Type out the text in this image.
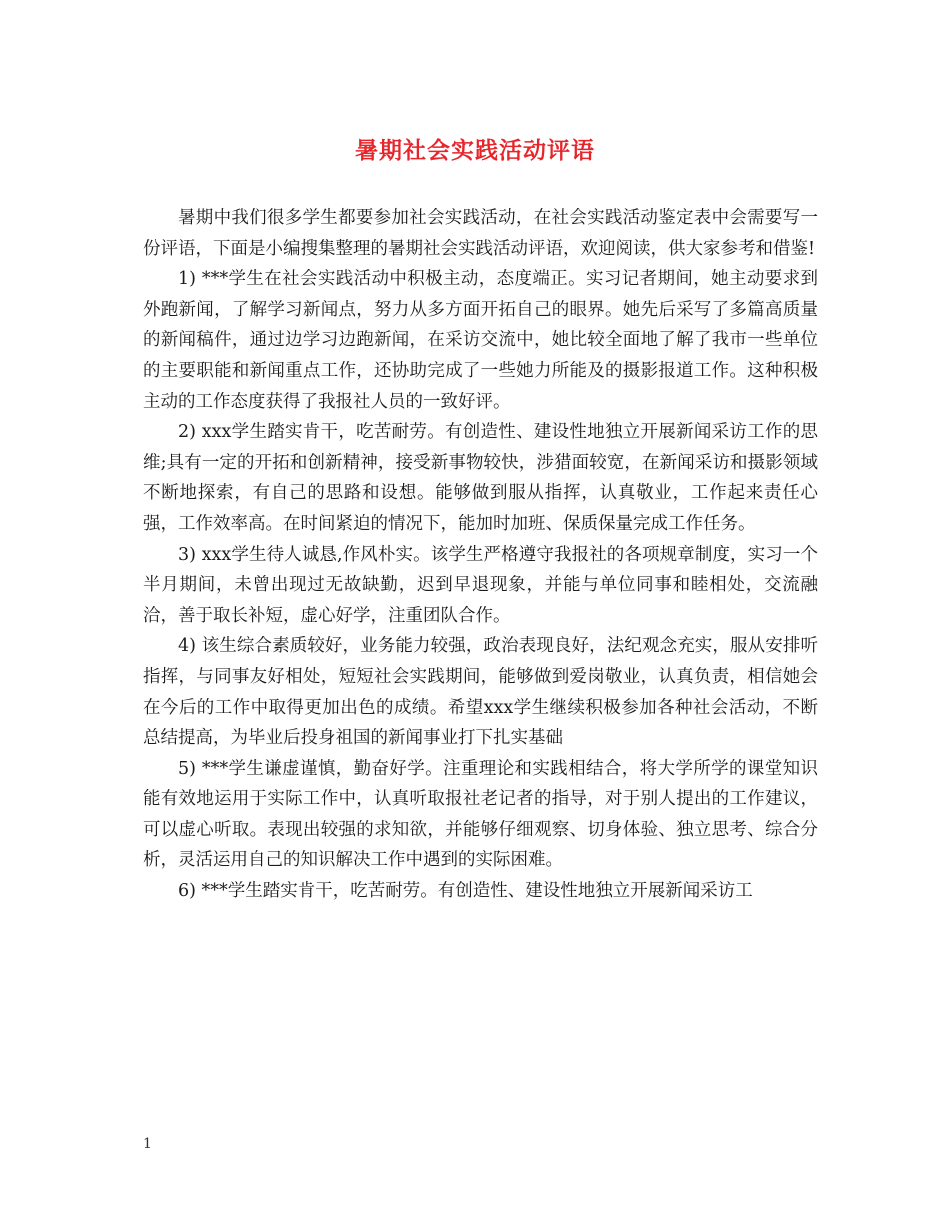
暑期社会实践活动评语

暑期中我们很多学生都要参加社会实践活动，在社会实践活动鉴定表中会需要写一份评语，下面是小编搜集整理的暑期社会实践活动评语，欢迎阅读，供大家参考和借鉴!

1) ***学生在社会实践活动中积极主动，态度端正。实习记者期间，她主动要求到外跑新闻，了解学习新闻点，努力从多方面开拓自己的眼界。她先后采写了多篇高质量的新闻稿件，通过边学习边跑新闻，在采访交流中，她比较全面地了解了我市一些单位的主要职能和新闻重点工作，还协助完成了一些她力所能及的摄影报道工作。这种积极主动的工作态度获得了我报社人员的一致好评。

2) xxx学生踏实肯干，吃苦耐劳。有创造性、建设性地独立开展新闻采访工作的思维;具有一定的开拓和创新精神，接受新事物较快，涉猎面较宽，在新闻采访和摄影领域不断地探索，有自己的思路和设想。能够做到服从指挥，认真敬业，工作起来责任心强，工作效率高。在时间紧迫的情况下，能加时加班、保质保量完成工作任务。

3) xxx学生待人诚恳,作风朴实。该学生严格遵守我报社的各项规章制度，实习一个半月期间，未曾出现过无故缺勤，迟到早退现象，并能与单位同事和睦相处，交流融洽，善于取长补短，虚心好学，注重团队合作。

4) 该生综合素质较好，业务能力较强，政治表现良好，法纪观念充实，服从安排听指挥，与同事友好相处，短短社会实践期间，能够做到爱岗敬业，认真负责，相信她会在今后的工作中取得更加出色的成绩。希望xxx学生继续积极参加各种社会活动，不断总结提高，为毕业后投身祖国的新闻事业打下扎实基础

5) ***学生谦虚谨慎，勤奋好学。注重理论和实践相结合，将大学所学的课堂知识能有效地运用于实际工作中，认真听取报社老记者的指导，对于别人提出的工作建议，可以虚心听取。表现出较强的求知欲，并能够仔细观察、切身体验、独立思考、综合分析，灵活运用自己的知识解决工作中遇到的实际困难。

6) ***学生踏实肯干，吃苦耐劳。有创造性、建设性地独立开展新闻采访工

1
